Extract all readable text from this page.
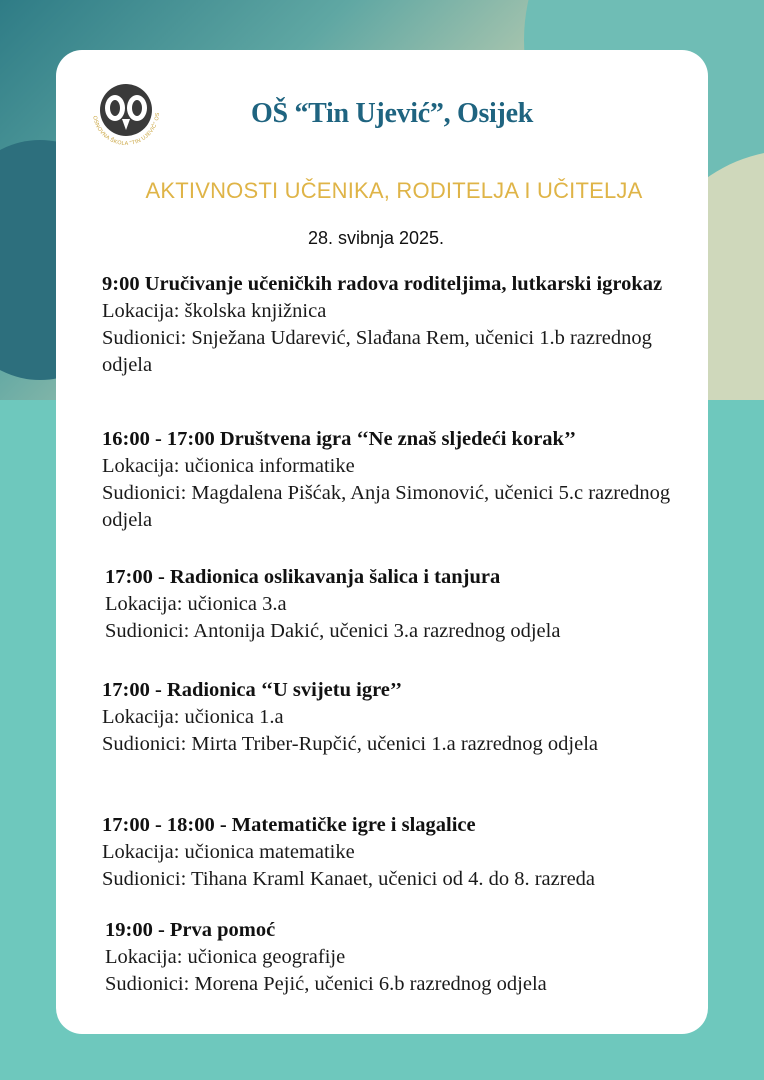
OSNOVNA ŠKOLA "TIN UJEVIĆ" OS	OŠ “Tin Ujević”, Osijek
AKTIVNOSTI UČENIKA, RODITELJA I UČITELJA
28. svibnja 2025.
9:00 Uručivanje učeničkih radova roditeljima, lutkarski igrokaz
Lokacija: školska knjižnica
Sudionici: Snježana Udarević, Slađana Rem, učenici 1.b razrednog odjela
16:00 - 17:00 Društvena igra ‘‘Ne znaš sljedeći korak’’
Lokacija: učionica informatike
Sudionici: Magdalena Pišćak, Anja Simonović, učenici 5.c razrednog odjela
17:00 - Radionica oslikavanja šalica i tanjura
Lokacija: učionica 3.a
Sudionici: Antonija Dakić, učenici 3.a razrednog odjela
17:00 - Radionica ‘‘U svijetu igre’’
Lokacija: učionica 1.a
Sudionici: Mirta Triber-Rupčić, učenici 1.a razrednog odjela
17:00 - 18:00 - Matematičke igre i slagalice
Lokacija: učionica matematike
Sudionici: Tihana Kraml Kanaet, učenici od 4. do 8. razreda
19:00 - Prva pomoć
Lokacija: učionica geografije
Sudionici: Morena Pejić, učenici 6.b razrednog odjela
